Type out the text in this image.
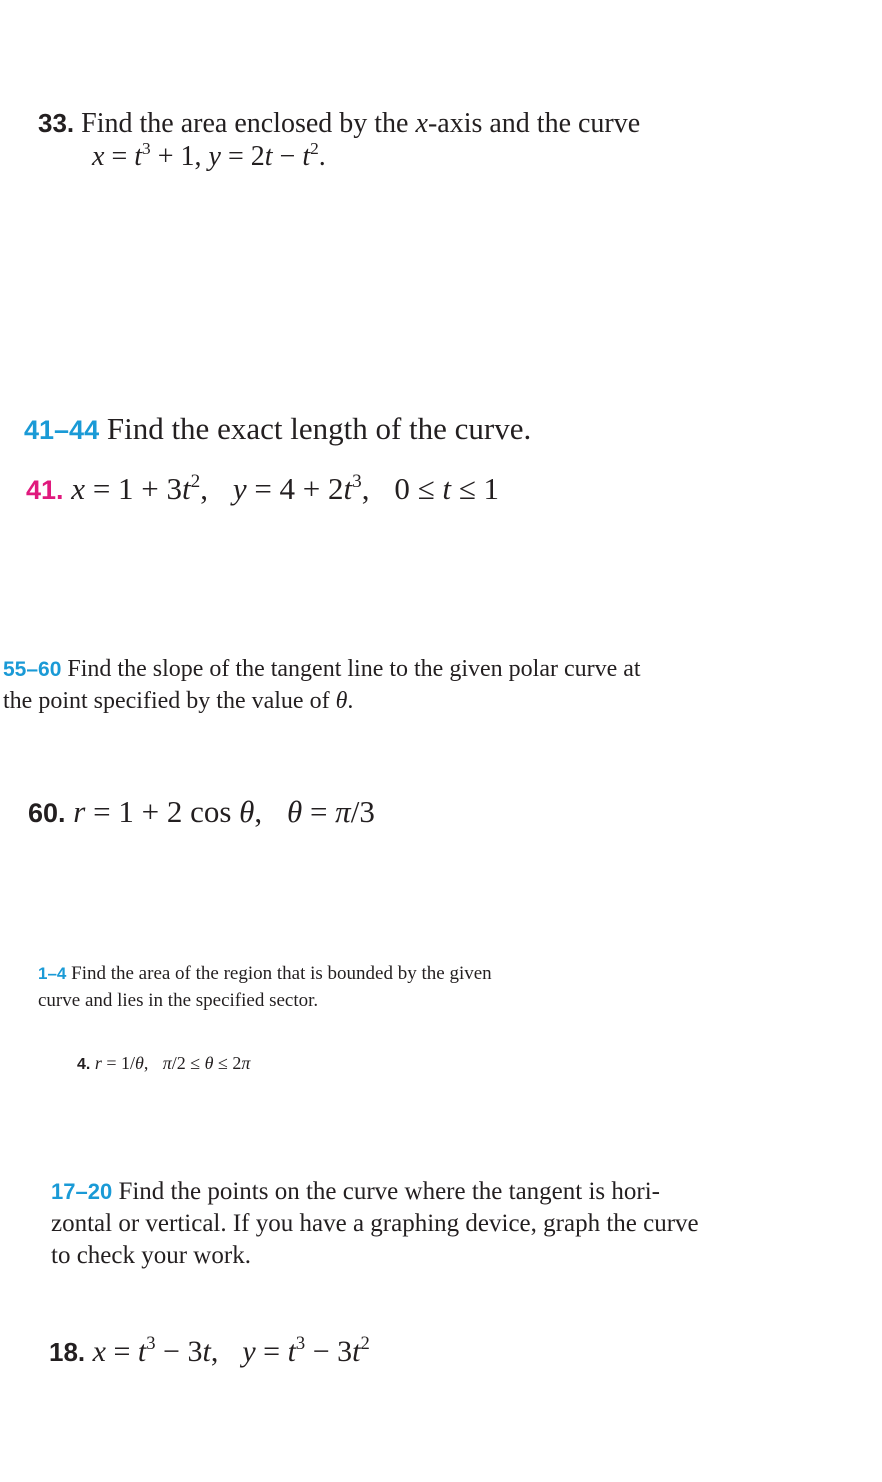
33. Find the area enclosed by the x-axis and the curve
$x = t^3 + 1$, $y = 2t - t^2$.
41–44 Find the exact length of the curve.
41. $x = 1 + 3t^2$, $y = 4 + 2t^3$, 0 ≤ t ≤ 1
55–60 Find the slope of the tangent line to the given polar curve at
the point specified by the value of θ.
60. r = 1 + 2 cos θ, θ = π/3
1–4 Find the area of the region that is bounded by the given
curve and lies in the specified sector.
4. r = 1/θ, π/2 ≤ θ ≤ 2π
17–20 Find the points on the curve where the tangent is hori-
zontal or vertical. If you have a graphing device, graph the curve
to check your work.
18. $x = t^3 - 3t$, $y = t^3 - 3t^2$
